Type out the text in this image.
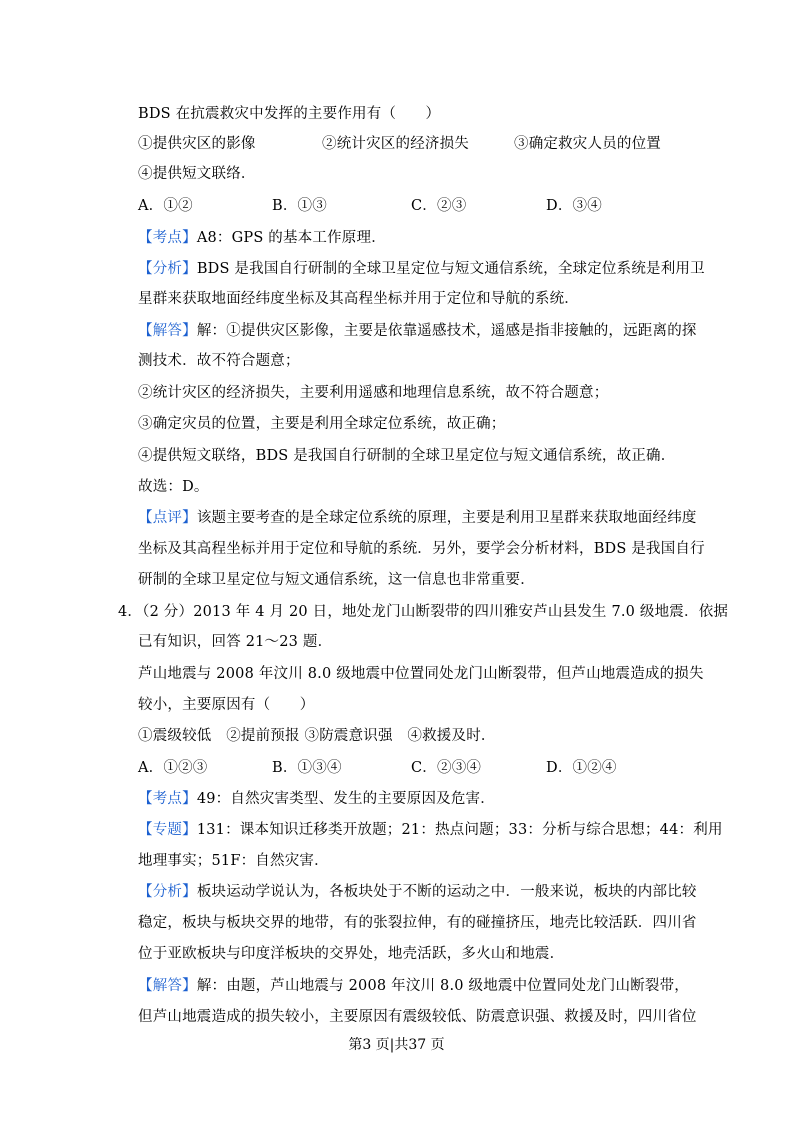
BDS 在抗震救灾中发挥的主要作用有（　　）
①提供灾区的影像	②统计灾区的经济损失	③确定救灾人员的位置
④提供短文联络．
A．①②	B．①③	C．②③	D．③④
【考点】A8：GPS 的基本工作原理．
【分析】BDS 是我国自行研制的全球卫星定位与短文通信系统，全球定位系统是利用卫
星群来获取地面经纬度坐标及其高程坐标并用于定位和导航的系统．
【解答】解：①提供灾区影像，主要是依靠遥感技术，遥感是指非接触的，远距离的探
测技术．故不符合题意；
②统计灾区的经济损失，主要利用遥感和地理信息系统，故不符合题意；
③确定灾员的位置，主要是利用全球定位系统，故正确；
④提供短文联络，BDS 是我国自行研制的全球卫星定位与短文通信系统，故正确．
故选：D。
【点评】该题主要考查的是全球定位系统的原理，主要是利用卫星群来获取地面经纬度
坐标及其高程坐标并用于定位和导航的系统．另外，要学会分析材料，BDS 是我国自行
研制的全球卫星定位与短文通信系统，这一信息也非常重要．
4．（2 分）2013 年 4 月 20 日，地处龙门山断裂带的四川雅安芦山县发生 7.0 级地震．依据
已有知识，回答 21～23 题．
芦山地震与 2008 年汶川 8.0 级地震中位置同处龙门山断裂带，但芦山地震造成的损失
较小，主要原因有（　　）
①震级较低　②提前预报 ③防震意识强　④救援及时．
A．①②③	B．①③④	C．②③④	D．①②④
【考点】49：自然灾害类型、发生的主要原因及危害．
【专题】131：课本知识迁移类开放题；21：热点问题；33：分析与综合思想；44：利用
地理事实；51F：自然灾害．
【分析】板块运动学说认为，各板块处于不断的运动之中．一般来说，板块的内部比较
稳定，板块与板块交界的地带，有的张裂拉伸，有的碰撞挤压，地壳比较活跃．四川省
位于亚欧板块与印度洋板块的交界处，地壳活跃，多火山和地震．
【解答】解：由题，芦山地震与 2008 年汶川 8.0 级地震中位置同处龙门山断裂带，
但芦山地震造成的损失较小，主要原因有震级较低、防震意识强、救援及时，四川省位
第3 页|共37 页
